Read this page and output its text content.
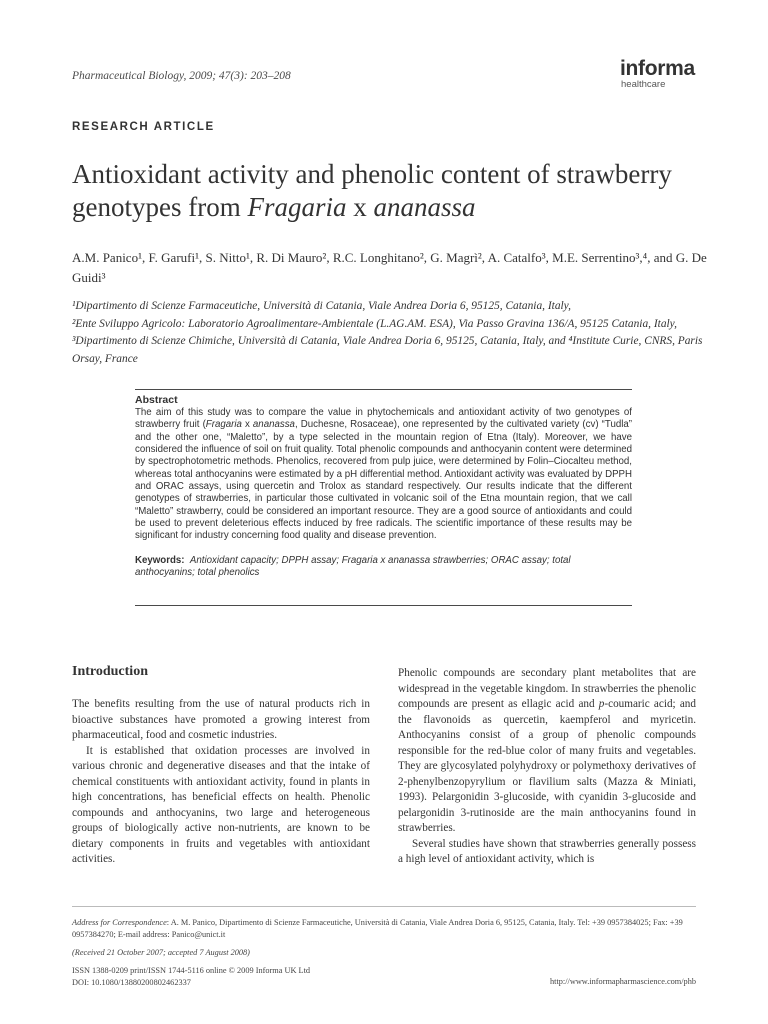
Pharmaceutical Biology, 2009; 47(3): 203–208	informa
healthcare
RESEARCH ARTICLE
Antioxidant activity and phenolic content of strawberry
genotypes from Fragaria x ananassa
A.M. Panico¹, F. Garufi¹, S. Nitto¹, R. Di Mauro², R.C. Longhitano², G. Magrì², A. Catalfo³, M.E. Serrentino³,⁴, and G. De Guidi³
¹Dipartimento di Scienze Farmaceutiche, Università di Catania, Viale Andrea Doria 6, 95125, Catania, Italy,
²Ente Sviluppo Agricolo: Laboratorio Agroalimentare-Ambientale (L.AG.AM. ESA), Via Passo Gravina 136/A, 95125 Catania, Italy, ³Dipartimento di Scienze Chimiche, Università di Catania, Viale Andrea Doria 6, 95125, Catania, Italy, and ⁴Institute Curie, CNRS, Paris Orsay, France
Abstract
The aim of this study was to compare the value in phytochemicals and antioxidant activity of two genotypes of strawberry fruit (Fragaria x ananassa, Duchesne, Rosaceae), one represented by the cultivated variety (cv) “Tudla” and the other one, “Maletto”, by a type selected in the mountain region of Etna (Italy). Moreover, we have considered the influence of soil on fruit quality. Total phenolic compounds and anthocyanin content were determined by spectrophotometric methods. Phenolics, recovered from pulp juice, were determined by Folin–Ciocalteu method, whereas total anthocyanins were estimated by a pH differential method. Antioxidant activity was evaluated by DPPH and ORAC assays, using quercetin and Trolox as standard respectively. Our results indicate that the different genotypes of strawberries, in particular those cultivated in volcanic soil of the Etna mountain region, that we call “Maletto” strawberry, could be considered an important resource. They are a good source of antioxidants and could be used to prevent deleterious effects induced by free radicals. The scientific importance of these results may be significant for industry concerning food quality and disease prevention.
Keywords: Antioxidant capacity; DPPH assay; Fragaria x ananassa strawberries; ORAC assay; total anthocyanins; total phenolics
Introduction

The benefits resulting from the use of natural products rich in bioactive substances have promoted a growing interest from pharmaceutical, food and cosmetic industries.

It is established that oxidation processes are involved in various chronic and degenerative diseases and that the intake of chemical constituents with antioxidant activity, found in plants in high concentrations, has beneficial effects on health. Phenolic compounds and anthocyanins, two large and heterogeneous groups of biologically active non-nutrients, are known to be dietary components in fruits and vegetables with antioxidant activities.

Phenolic compounds are secondary plant metabolites that are widespread in the vegetable kingdom. In strawberries the phenolic compounds are present as ellagic acid and p-coumaric acid; and the flavonoids as quercetin, kaempferol and myricetin. Anthocyanins consist of a group of phenolic compounds responsible for the red-blue color of many fruits and vegetables. They are glycosylated polyhydroxy or polymethoxy derivatives of 2-phenylbenzopyrylium or flavilium salts (Mazza & Miniati, 1993). Pelargonidin 3-glucoside, with cyanidin 3-glucoside and pelargonidin 3-rutinoside are the main anthocyanins found in strawberries.

Several studies have shown that strawberries generally possess a high level of antioxidant activity, which is

Address for Correspondence: A. M. Panico, Dipartimento di Scienze Farmaceutiche, Università di Catania, Viale Andrea Doria 6, 95125, Catania, Italy. Tel: +39 0957384025; Fax: +39 0957384270; E-mail address: Panico@unict.it
(Received 21 October 2007; accepted 7 August 2008)
ISSN 1388-0209 print/ISSN 1744-5116 online © 2009 Informa UK Ltd
DOI: 10.1080/13880200802462337	http://www.informapharmascience.com/phb
